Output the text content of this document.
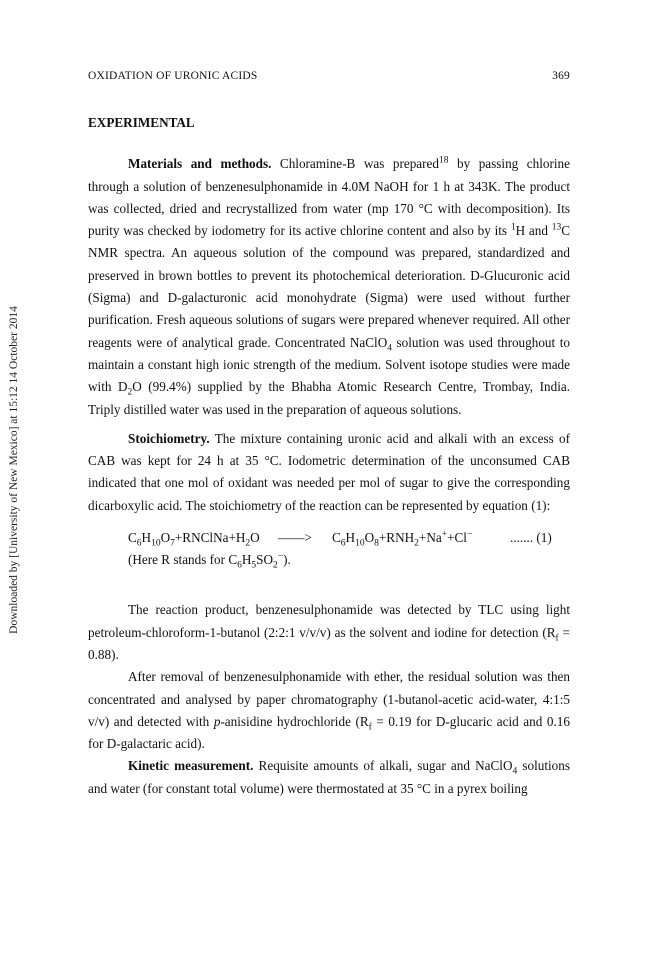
Downloaded by [University of New Mexico] at 15:12 14 October 2014
OXIDATION OF URONIC ACIDS	369
EXPERIMENTAL

Materials and methods. Chloramine-B was prepared$^{18}$ by passing chlorine through a solution of benzenesulphonamide in 4.0M NaOH for 1 h at 343K. The product was collected, dried and recrystallized from water (mp 170 °C with decomposition). Its purity was checked by iodometry for its active chlorine content and also by its $^1$H and $^{13}$C NMR spectra. An aqueous solution of the compound was prepared, standardized and preserved in brown bottles to prevent its photochemical deterioration. D-Glucuronic acid (Sigma) and D-galacturonic acid monohydrate (Sigma) were used without further purification. Fresh aqueous solutions of sugars were prepared whenever required. All other reagents were of analytical grade. Concentrated NaClO$_4$ solution was used throughout to maintain a constant high ionic strength of the medium. Solvent isotope studies were made with $D_2O$ (99.4%) supplied by the Bhabha Atomic Research Centre, Trombay, India. Triply distilled water was used in the preparation of aqueous solutions.

Stoichiometry. The mixture containing uronic acid and alkali with an excess of CAB was kept for 24 h at 35 °C. Iodometric determination of the unconsumed CAB indicated that one mol of oxidant was needed per mol of sugar to give the corresponding dicarboxylic acid. The stoichiometry of the reaction can be represented by equation (1):

$C_6H_{10}O_7+RNClNa+H_2O$ ——> $C_6H_{10}O_8+RNH_2+Na^++Cl^-$	....... (1)
(Here R stands for $C_6H_5SO_2^-$).

The reaction product, benzenesulphonamide was detected by TLC using light petroleum-chloroform-1-butanol (2:2:1 v/v/v) as the solvent and iodine for detection $(R_f = 0.88)$.

After removal of benzenesulphonamide with ether, the residual solution was then concentrated and analysed by paper chromatography (1-butanol-acetic acid-water, 4:1:5 v/v) and detected with p-anisidine hydrochloride ($R_f = 0.19$ for D-glucaric acid and 0.16 for D-galactaric acid).

Kinetic measurement. Requisite amounts of alkali, sugar and NaClO$_4$ solutions and water (for constant total volume) were thermostated at 35 °C in a pyrex boiling
